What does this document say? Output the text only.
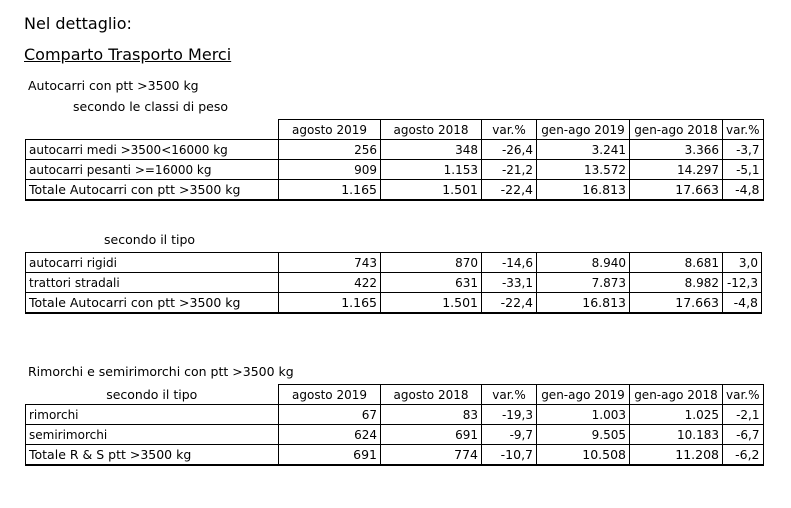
Nel dettaglio:
Comparto Trasporto Merci
Autocarri con ptt >3500 kg
secondo le classi di peso
	agosto 2019	agosto 2018	var.%	gen-ago 2019	gen-ago 2018	var.%
autocarri medi >3500<16000 kg	256	348	-26,4	3.241	3.366	-3,7
autocarri pesanti >=16000 kg	909	1.153	-21,2	13.572	14.297	-5,1
Totale Autocarri con ptt >3500 kg	1.165	1.501	-22,4	16.813	17.663	-4,8
secondo il tipo
autocarri rigidi	743	870	-14,6	8.940	8.681	3,0
trattori stradali	422	631	-33,1	7.873	8.982	-12,3
Totale Autocarri con ptt >3500 kg	1.165	1.501	-22,4	16.813	17.663	-4,8
Rimorchi e semirimorchi con ptt >3500 kg
secondo il tipo	agosto 2019	agosto 2018	var.%	gen-ago 2019	gen-ago 2018	var.%
rimorchi	67	83	-19,3	1.003	1.025	-2,1
semirimorchi	624	691	-9,7	9.505	10.183	-6,7
Totale R & S ptt >3500 kg	691	774	-10,7	10.508	11.208	-6,2
